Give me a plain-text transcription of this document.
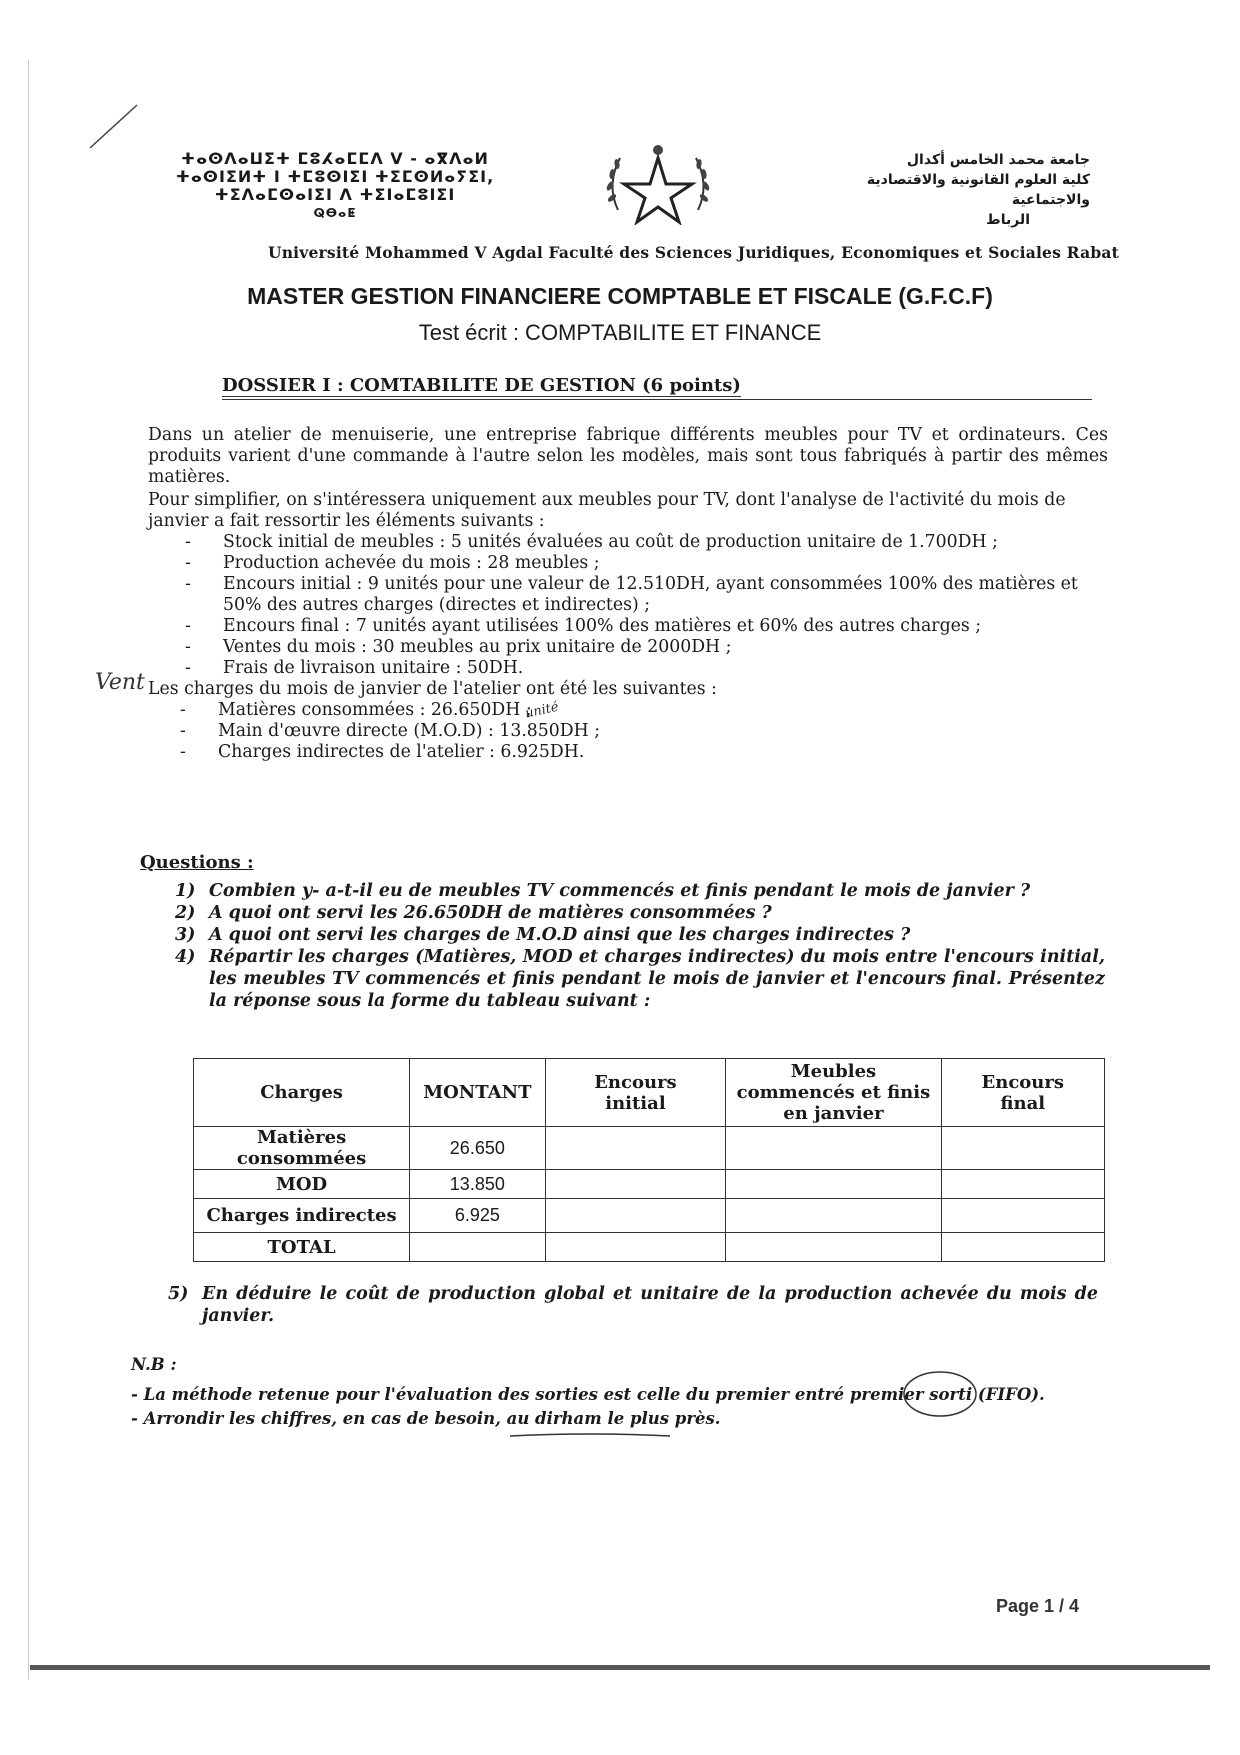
ⵜⴰⵙⴷⴰⵡⵉⵜ ⵎⵓⵃⴰⵎⵎⴷ V - ⴰⴳⴷⴰⵍ
ⵜⴰⵙⵏⵉⵍⵜ ⵏ ⵜⵎⵓⵙⵏⵉⵏ ⵜⵉⵎⵙⵍⴰⵢⵉⵏ,
ⵜⵉⴷⴰⵎⵙⴰⵏⵉⵏ ⴷ ⵜⵉⵏⴰⵎⵓⵏⵉⵏ
ⵕⴱⴰⵟ
جامعة محمد الخامس أكدال
كلية العلوم القانونية والاقتصادية والاجتماعية
الرباط
Université Mohammed V Agdal Faculté des Sciences Juridiques, Economiques et Sociales Rabat
MASTER GESTION FINANCIERE COMPTABLE ET FISCALE (G.F.C.F)
Test écrit : COMPTABILITE ET FINANCE
DOSSIER I : COMTABILITE DE GESTION (6 points)

Dans un atelier de menuiserie, une entreprise fabrique différents meubles pour TV et ordinateurs. Ces produits varient d'une commande à l'autre selon les modèles, mais sont tous fabriqués à partir des mêmes matières.

Pour simplifier, on s'intéressera uniquement aux meubles pour TV, dont l'analyse de l'activité du mois de janvier a fait ressortir les éléments suivants :

- Stock initial de meubles : 5 unités évaluées au coût de production unitaire de 1.700DH ;
- Production achevée du mois : 28 meubles ;
- Encours initial : 9 unités pour une valeur de 12.510DH, ayant consommées 100% des matières et 50% des autres charges (directes et indirectes) ;
- Encours final : 7 unités ayant utilisées 100% des matières et 60% des autres charges ;
- Ventes du mois : 30 meubles au prix unitaire de 2000DH ;
- Frais de livraison unitaire : 50DH.

Les charges du mois de janvier de l'atelier ont été les suivantes :

- Matières consommées : 26.650DH ;
- Main d'œuvre directe (M.O.D) : 13.850DH ;
- Charges indirectes de l'atelier : 6.925DH.
Vent
unité
Questions :
1) Combien y- a-t-il eu de meubles TV commencés et finis pendant le mois de janvier ?
2) A quoi ont servi les 26.650DH de matières consommées ?
3) A quoi ont servi les charges de M.O.D ainsi que les charges indirectes ?
4) Répartir les charges (Matières, MOD et charges indirectes) du mois entre l'encours initial, les meubles TV commencés et finis pendant le mois de janvier et l'encours final. Présentez la réponse sous la forme du tableau suivant :
Charges	MONTANT	Encours initial	Meubles commencés et finis en janvier	Encours final
Matières consommées	26.650			
MOD	13.850			
Charges indirectes	6.925			
TOTAL				
5) En déduire le coût de production global et unitaire de la production achevée du mois de janvier.
N.B :
- La méthode retenue pour l'évaluation des sorties est celle du premier entré premier sorti (FIFO).
- Arrondir les chiffres, en cas de besoin, au dirham le plus près.
Page 1 / 4
